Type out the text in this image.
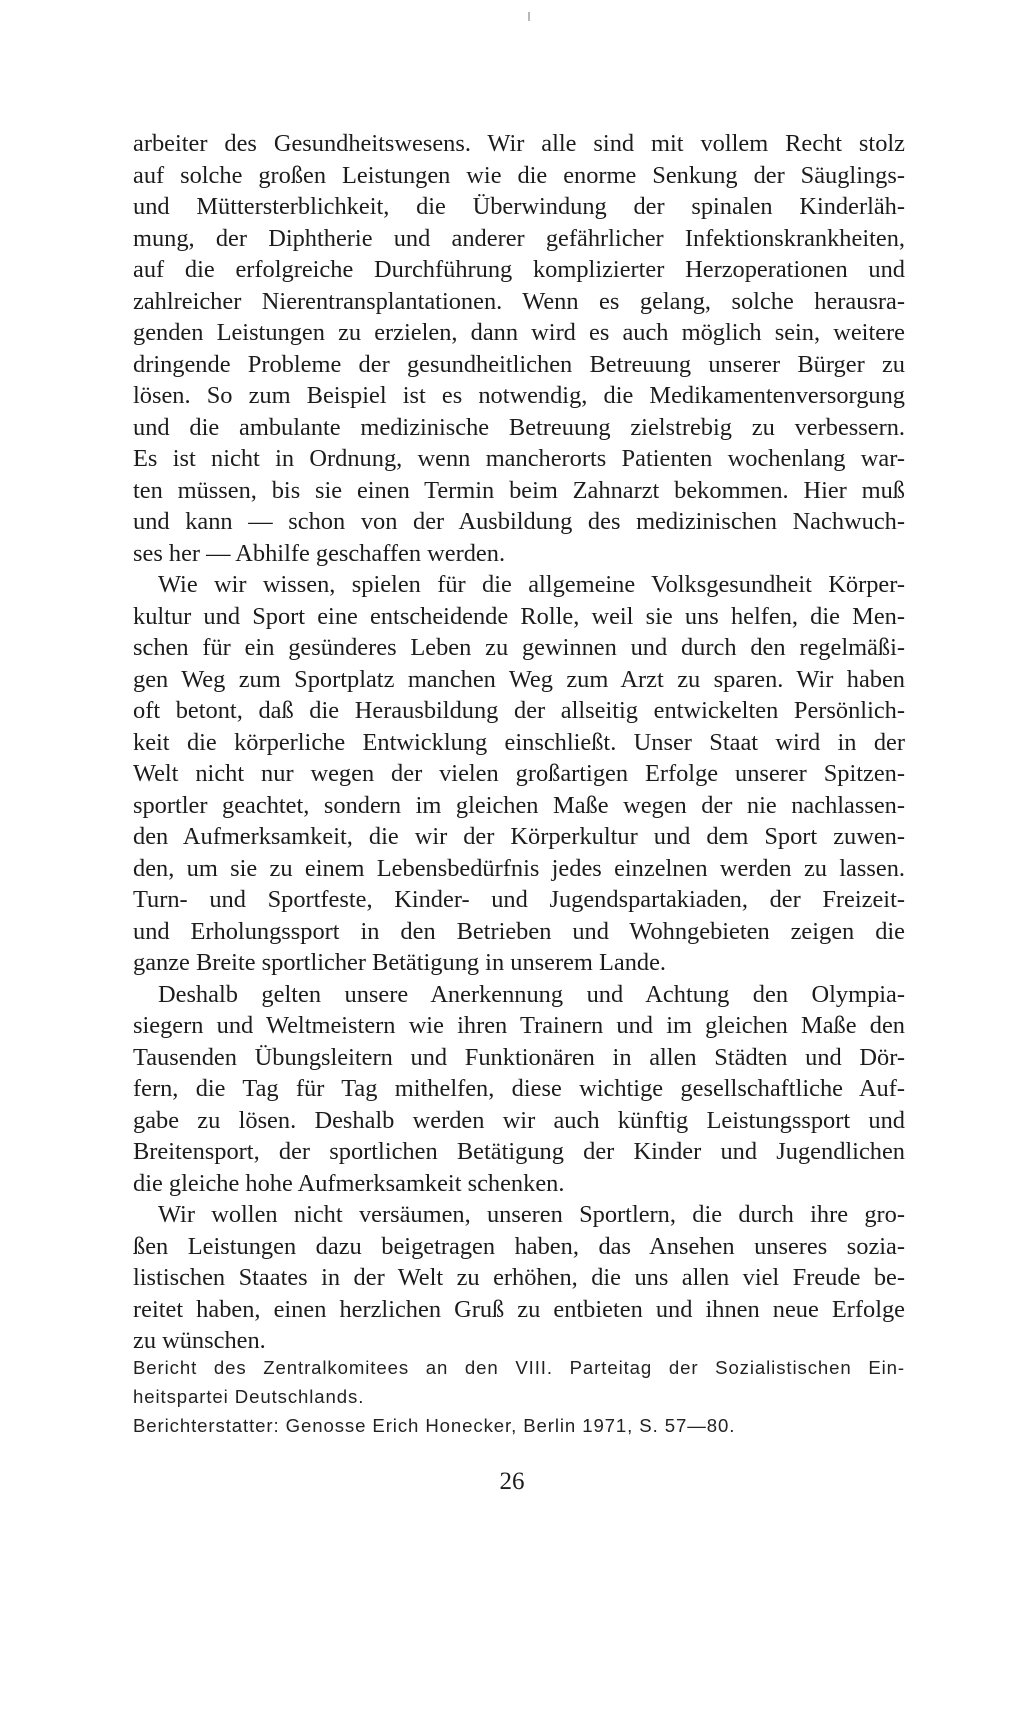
arbeiter des Gesundheitswesens. Wir alle sind mit vollem Recht stolz
auf solche großen Leistungen wie die enorme Senkung der Säuglings-
und Müttersterblichkeit, die Überwindung der spinalen Kinderläh-
mung, der Diphtherie und anderer gefährlicher Infektionskrankheiten,
auf die erfolgreiche Durchführung komplizierter Herzoperationen und
zahlreicher Nierentransplantationen. Wenn es gelang, solche herausra-
genden Leistungen zu erzielen, dann wird es auch möglich sein, weitere
dringende Probleme der gesundheitlichen Betreuung unserer Bürger zu
lösen. So zum Beispiel ist es notwendig, die Medikamentenversorgung
und die ambulante medizinische Betreuung zielstrebig zu verbessern.
Es ist nicht in Ordnung, wenn mancherorts Patienten wochenlang war-
ten müssen, bis sie einen Termin beim Zahnarzt bekommen. Hier muß
und kann — schon von der Ausbildung des medizinischen Nachwuch-
ses her — Abhilfe geschaffen werden.
Wie wir wissen, spielen für die allgemeine Volksgesundheit Körper-
kultur und Sport eine entscheidende Rolle, weil sie uns helfen, die Men-
schen für ein gesünderes Leben zu gewinnen und durch den regelmäßi-
gen Weg zum Sportplatz manchen Weg zum Arzt zu sparen. Wir haben
oft betont, daß die Herausbildung der allseitig entwickelten Persönlich-
keit die körperliche Entwicklung einschließt. Unser Staat wird in der
Welt nicht nur wegen der vielen großartigen Erfolge unserer Spitzen-
sportler geachtet, sondern im gleichen Maße wegen der nie nachlassen-
den Aufmerksamkeit, die wir der Körperkultur und dem Sport zuwen-
den, um sie zu einem Lebensbedürfnis jedes einzelnen werden zu lassen.
Turn- und Sportfeste, Kinder- und Jugendspartakiaden, der Freizeit-
und Erholungssport in den Betrieben und Wohngebieten zeigen die
ganze Breite sportlicher Betätigung in unserem Lande.
Deshalb gelten unsere Anerkennung und Achtung den Olympia-
siegern und Weltmeistern wie ihren Trainern und im gleichen Maße den
Tausenden Übungsleitern und Funktionären in allen Städten und Dör-
fern, die Tag für Tag mithelfen, diese wichtige gesellschaftliche Auf-
gabe zu lösen. Deshalb werden wir auch künftig Leistungssport und
Breitensport, der sportlichen Betätigung der Kinder und Jugendlichen
die gleiche hohe Aufmerksamkeit schenken.
Wir wollen nicht versäumen, unseren Sportlern, die durch ihre gro-
ßen Leistungen dazu beigetragen haben, das Ansehen unseres sozia-
listischen Staates in der Welt zu erhöhen, die uns allen viel Freude be-
reitet haben, einen herzlichen Gruß zu entbieten und ihnen neue Erfolge
zu wünschen.
Bericht des Zentralkomitees an den VIII. Parteitag der Sozialistischen Ein-
heitspartei Deutschlands.
Berichterstatter: Genosse Erich Honecker, Berlin 1971, S. 57—80.
26
